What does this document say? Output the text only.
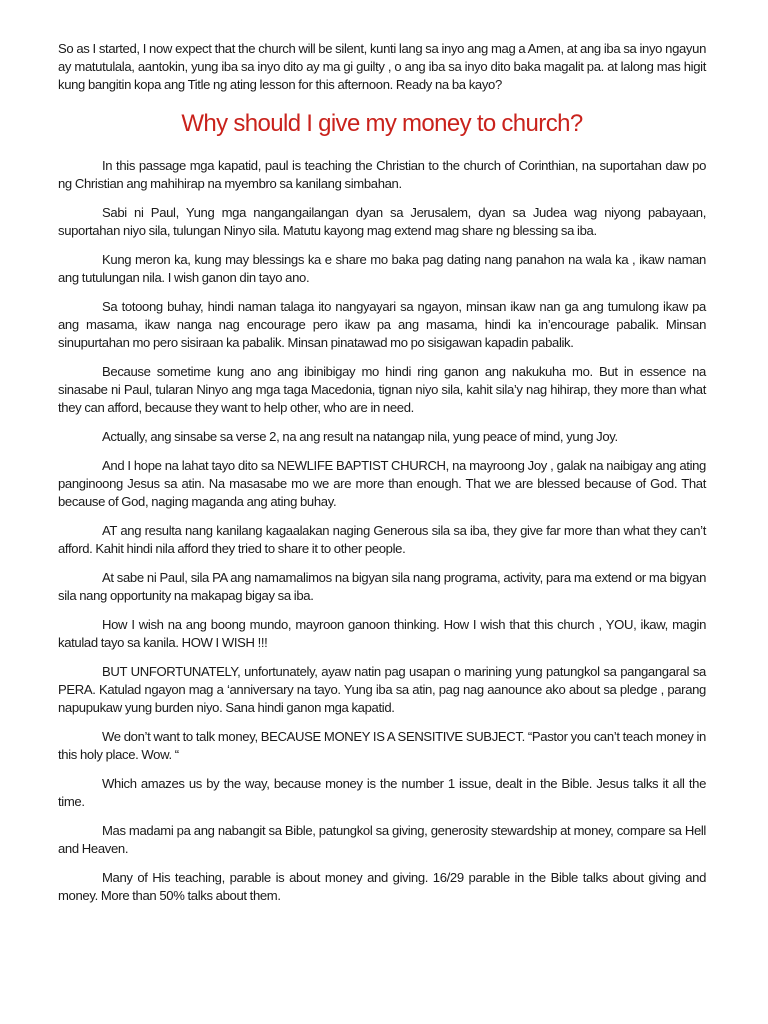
So as I started, I now expect that the church will be silent, kunti lang sa inyo ang mag a Amen, at ang iba sa inyo ngayun ay matutulala, aantokin, yung iba sa inyo dito ay ma gi guilty , o ang iba sa inyo dito baka magalit pa. at lalong mas higit kung bangitin kopa ang Title ng ating lesson for this afternoon. Ready na ba kayo?

Why should I give my money to church?

In this passage mga kapatid, paul is teaching the Christian to the church of Corinthian, na suportahan daw po ng Christian ang mahihirap na myembro sa kanilang simbahan.

Sabi ni Paul, Yung mga nangangailangan dyan sa Jerusalem, dyan sa Judea wag niyong pabayaan, suportahan niyo sila, tulungan Ninyo sila. Matutu kayong mag extend mag share ng blessing sa iba.

Kung meron ka, kung may blessings ka e share mo baka pag dating nang panahon na wala ka , ikaw naman ang tutulungan nila. I wish ganon din tayo ano.

Sa totoong buhay, hindi naman talaga ito nangyayari sa ngayon, minsan ikaw nan ga ang tumulong ikaw pa ang masama, ikaw nanga nag encourage pero ikaw pa ang masama, hindi ka in’encourage pabalik. Minsan sinupurtahan mo pero sisiraan ka pabalik. Minsan pinatawad mo po sisigawan kapadin pabalik.

Because sometime kung ano ang ibinibigay mo hindi ring ganon ang nakukuha mo. But in essence na sinasabe ni Paul, tularan Ninyo ang mga taga Macedonia, tignan niyo sila, kahit sila’y nag hihirap, they more than what they can afford, because they want to help other, who are in need.

Actually, ang sinsabe sa verse 2, na ang result na natangap nila, yung peace of mind, yung Joy.

And I hope na lahat tayo dito sa NEWLIFE BAPTIST CHURCH, na mayroong Joy , galak na naibigay ang ating panginoong Jesus sa atin. Na masasabe mo we are more than enough. That we are blessed because of God. That because of God, naging maganda ang ating buhay.

AT ang resulta nang kanilang kagaalakan naging Generous sila sa iba, they give far more than what they can’t afford. Kahit hindi nila afford they tried to share it to other people.

At sabe ni Paul, sila PA ang namamalimos na bigyan sila nang programa, activity, para ma extend or ma bigyan sila nang opportunity na makapag bigay sa iba.

How I wish na ang boong mundo, mayroon ganoon thinking. How I wish that this church , YOU, ikaw, magin katulad tayo sa kanila. HOW I WISH !!!

BUT UNFORTUNATELY, unfortunately, ayaw natin pag usapan o marining yung patungkol sa pangangaral sa PERA. Katulad ngayon mag a ‘anniversary na tayo. Yung iba sa atin, pag nag aanounce ako about sa pledge , parang napupukaw yung burden niyo. Sana hindi ganon mga kapatid.

We don’t want to talk money, BECAUSE MONEY IS A SENSITIVE SUBJECT. “Pastor you can’t teach money in this holy place. Wow. “

Which amazes us by the way, because money is the number 1 issue, dealt in the Bible. Jesus talks it all the time.

Mas madami pa ang nabangit sa Bible, patungkol sa giving, generosity stewardship at money, compare sa Hell and Heaven.

Many of His teaching, parable is about money and giving. 16/29 parable in the Bible talks about giving and money. More than 50% talks about them.
